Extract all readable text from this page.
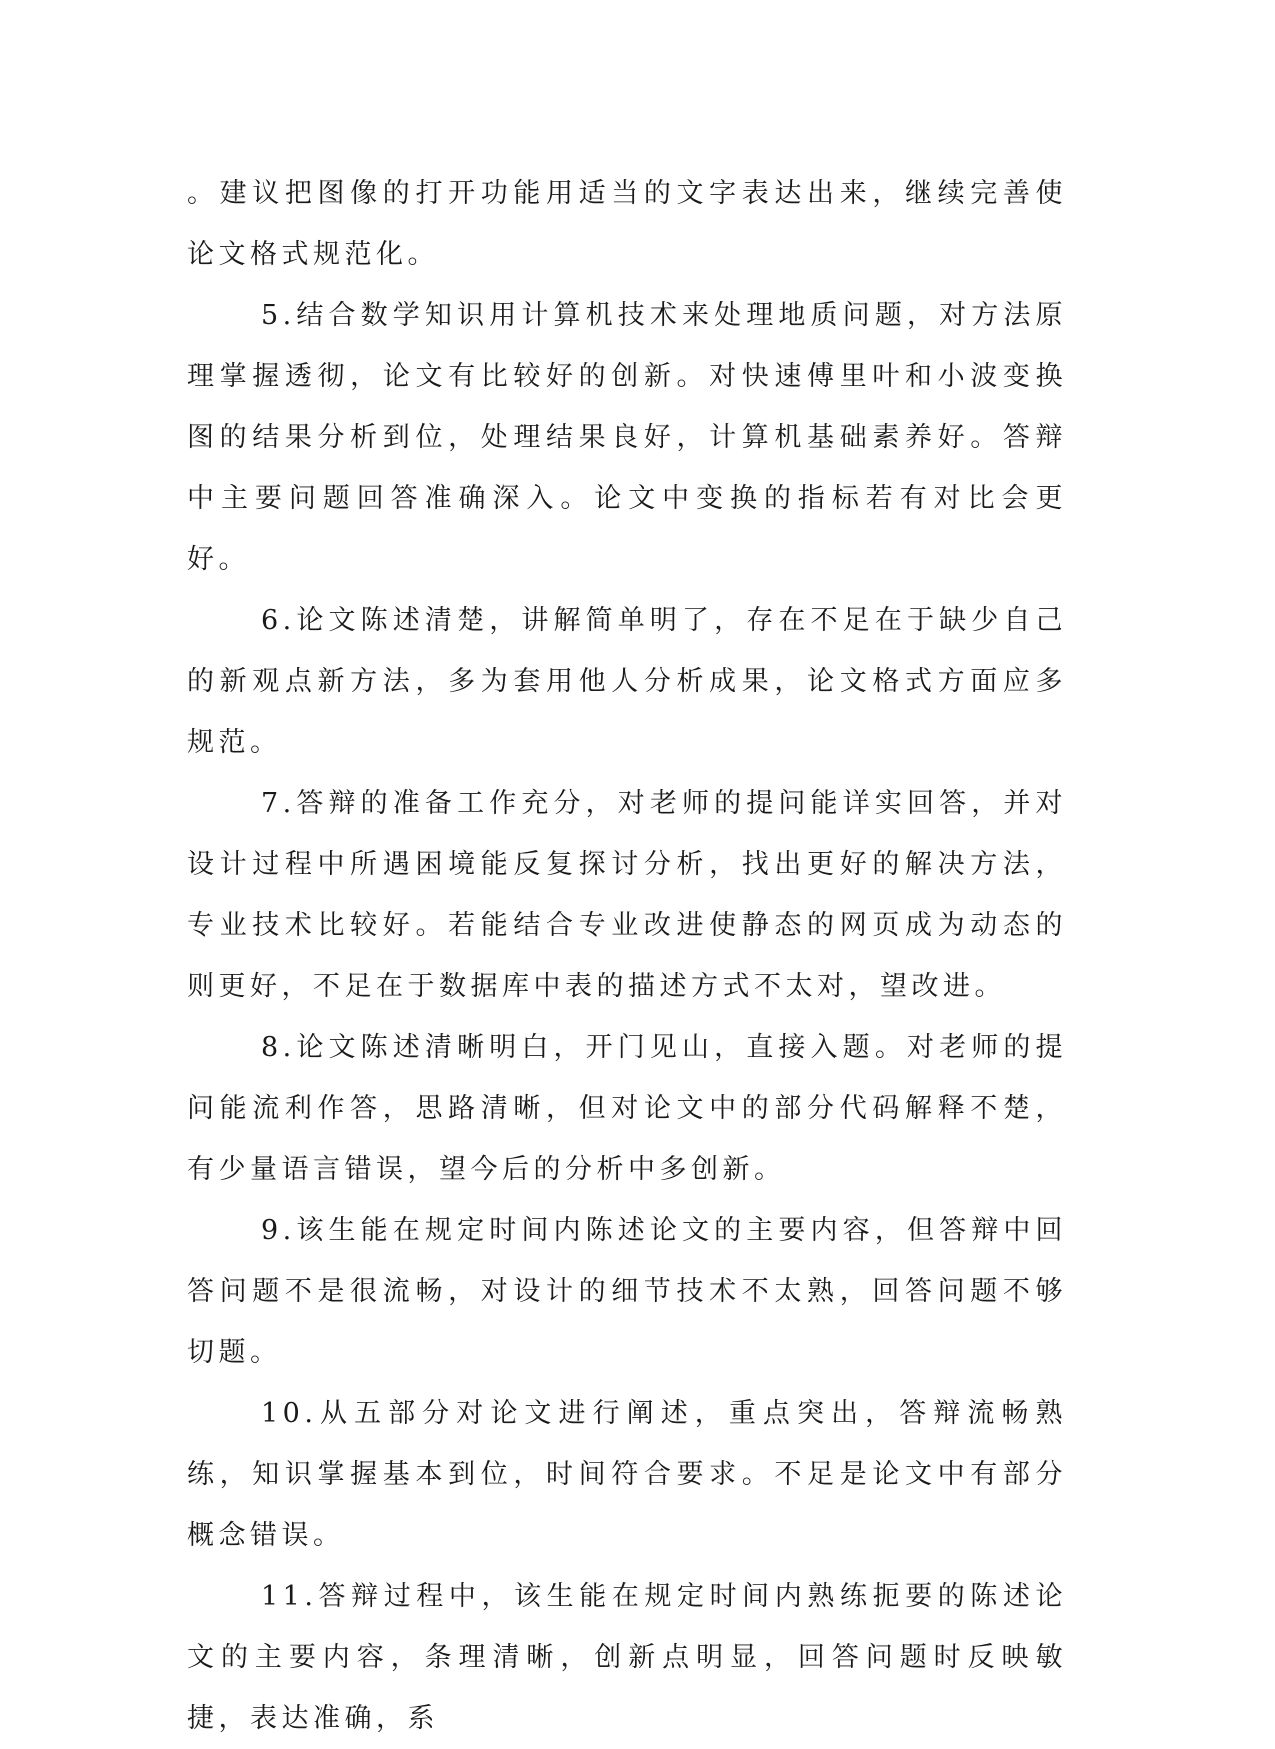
。建议把图像的打开功能用适当的文字表达出来，继续完善使论文格式规范化。

5.结合数学知识用计算机技术来处理地质问题，对方法原理掌握透彻，论文有比较好的创新。对快速傅里叶和小波变换图的结果分析到位，处理结果良好，计算机基础素养好。答辩中主要问题回答准确深入。论文中变换的指标若有对比会更好。

6.论文陈述清楚，讲解简单明了，存在不足在于缺少自己的新观点新方法，多为套用他人分析成果，论文格式方面应多规范。

7.答辩的准备工作充分，对老师的提问能详实回答，并对设计过程中所遇困境能反复探讨分析，找出更好的解决方法，专业技术比较好。若能结合专业改进使静态的网页成为动态的则更好，不足在于数据库中表的描述方式不太对，望改进。

8.论文陈述清晰明白，开门见山，直接入题。对老师的提问能流利作答，思路清晰，但对论文中的部分代码解释不楚，有少量语言错误，望今后的分析中多创新。

9.该生能在规定时间内陈述论文的主要内容，但答辩中回答问题不是很流畅，对设计的细节技术不太熟，回答问题不够切题。

10.从五部分对论文进行阐述，重点突出，答辩流畅熟练，知识掌握基本到位，时间符合要求。不足是论文中有部分概念错误。

11.答辩过程中，该生能在规定时间内熟练扼要的陈述论文的主要内容，条理清晰，创新点明显，回答问题时反映敏捷，表达准确，系
